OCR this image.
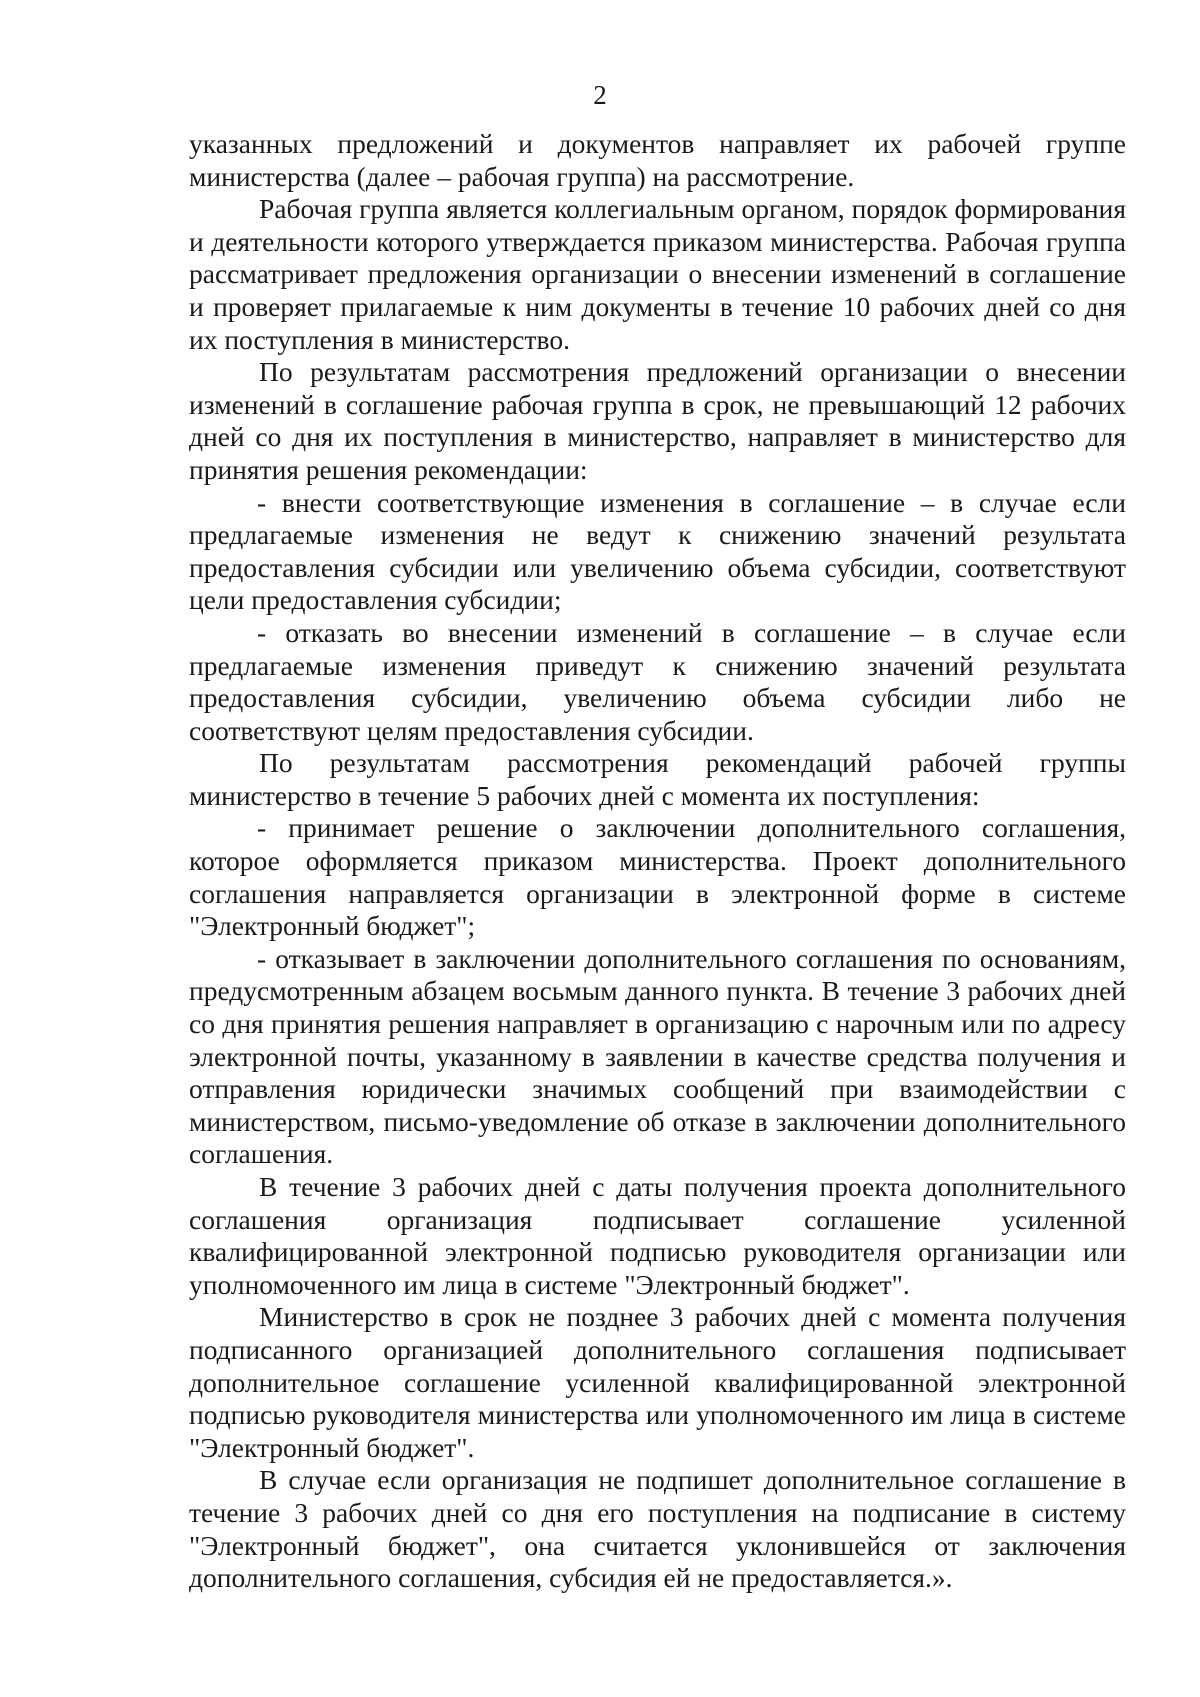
2

указанных предложений и документов направляет их рабочей группе министерства (далее – рабочая группа) на рассмотрение.

Рабочая группа является коллегиальным органом, порядок формирования и деятельности которого утверждается приказом министерства. Рабочая группа рассматривает предложения организации о внесении изменений в соглашение и проверяет прилагаемые к ним документы в течение 10 рабочих дней со дня их поступления в министерство.

По результатам рассмотрения предложений организации о внесении изменений в соглашение рабочая группа в срок, не превышающий 12 рабочих дней со дня их поступления в министерство, направляет в министерство для принятия решения рекомендации:

- внести соответствующие изменения в соглашение – в случае если предлагаемые изменения не ведут к снижению значений результата предоставления субсидии или увеличению объема субсидии, соответствуют цели предоставления субсидии;

- отказать во внесении изменений в соглашение – в случае если предлагаемые изменения приведут к снижению значений результата предоставления субсидии, увеличению объема субсидии либо не соответствуют целям предоставления субсидии.

По результатам рассмотрения рекомендаций рабочей группы министерство в течение 5 рабочих дней с момента их поступления:

- принимает решение о заключении дополнительного соглашения, которое оформляется приказом министерства. Проект дополнительного соглашения направляется организации в электронной форме в системе "Электронный бюджет";

- отказывает в заключении дополнительного соглашения по основаниям, предусмотренным абзацем восьмым данного пункта. В течение 3 рабочих дней со дня принятия решения направляет в организацию с нарочным или по адресу электронной почты, указанному в заявлении в качестве средства получения и отправления юридически значимых сообщений при взаимодействии с министерством, письмо-уведомление об отказе в заключении дополнительного соглашения.

В течение 3 рабочих дней с даты получения проекта дополнительного соглашения организация подписывает соглашение усиленной квалифицированной электронной подписью руководителя организации или уполномоченного им лица в системе "Электронный бюджет".

Министерство в срок не позднее 3 рабочих дней с момента получения подписанного организацией дополнительного соглашения подписывает дополнительное соглашение усиленной квалифицированной электронной подписью руководителя министерства или уполномоченного им лица в системе "Электронный бюджет".

В случае если организация не подпишет дополнительное соглашение в течение 3 рабочих дней со дня его поступления на подписание в систему "Электронный бюджет", она считается уклонившейся от заключения дополнительного соглашения, субсидия ей не предоставляется.».
